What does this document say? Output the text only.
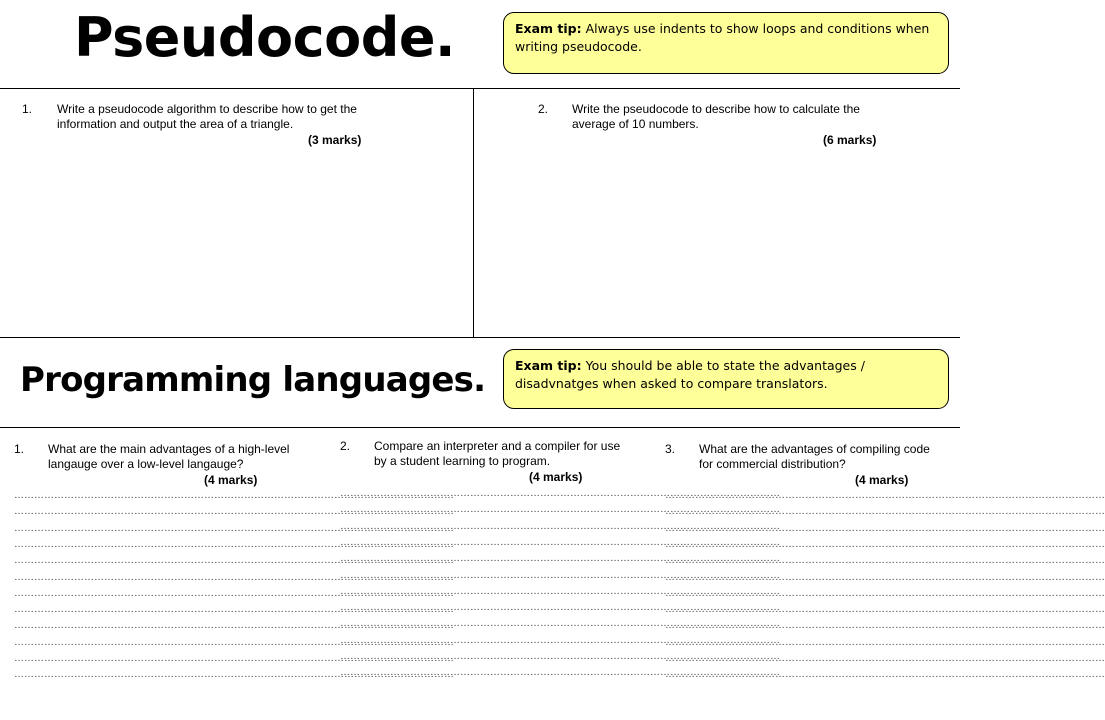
Pseudocode.
Programming languages.
Exam tip: Always use indents to show loops and conditions when writing pseudocode.
Exam tip: You should be able to state the advantages / disadvnatges when asked to compare translators.
1. Write a pseudocode algorithm to describe how to get the information and output the area of a triangle.
(3 marks)
2. Write the pseudocode to describe how to calculate the average of 10 numbers.
(6 marks)
1. What are the main advantages of a high-level langauge over a low-level langauge?
(4 marks)
2. Compare an interpreter and a compiler for use by a student learning to program.
(4 marks)
3. What are the advantages of compiling code for commercial distribution?
(4 marks)
……………………………………………………………………………………………………………………
……………………………………………………………………………………………………………………
……………………………………………………………………………………………………………………
……………………………………………………………………………………………………………………
……………………………………………………………………………………………………………………
……………………………………………………………………………………………………………………
……………………………………………………………………………………………………………………
……………………………………………………………………………………………………………………
……………………………………………………………………………………………………………………
……………………………………………………………………………………………………………………
……………………………………………………………………………………………………………………
……………………………………………………………………………………………………………………
……………………………………………………………………………………………………………………
……………………………………………………………………………………………………………………
……………………………………………………………………………………………………………………
……………………………………………………………………………………………………………………
……………………………………………………………………………………………………………………
……………………………………………………………………………………………………………………
……………………………………………………………………………………………………………………
……………………………………………………………………………………………………………………
……………………………………………………………………………………………………………………
……………………………………………………………………………………………………………………
……………………………………………………………………………………………………………………
……………………………………………………………………………………………………………………
……………………………………………………………………………………………………………………
……………………………………………………………………………………………………………………
……………………………………………………………………………………………………………………
……………………………………………………………………………………………………………………
……………………………………………………………………………………………………………………
……………………………………………………………………………………………………………………
……………………………………………………………………………………………………………………
……………………………………………………………………………………………………………………
……………………………………………………………………………………………………………………
……………………………………………………………………………………………………………………
……………………………………………………………………………………………………………………
……………………………………………………………………………………………………………………
